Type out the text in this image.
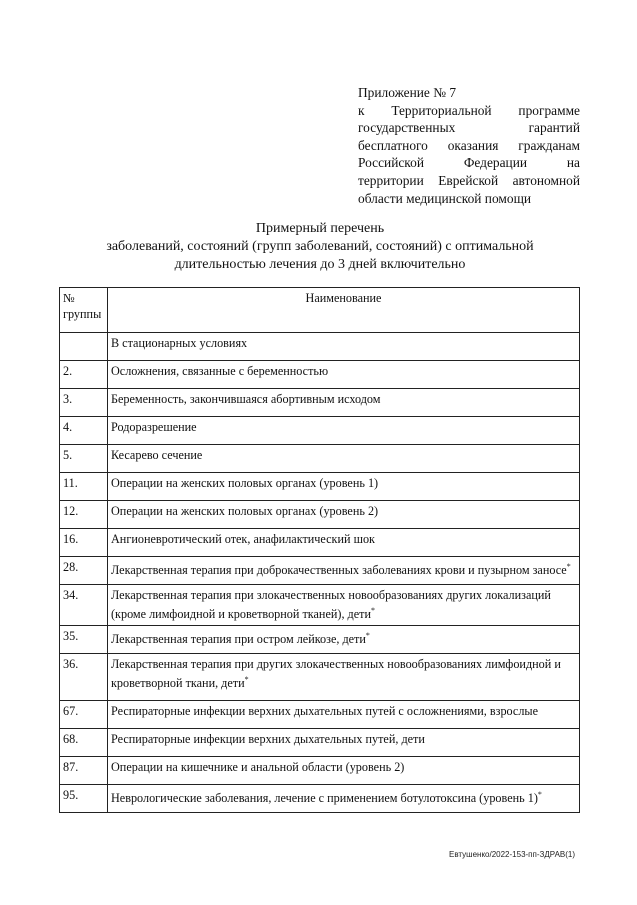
Приложение № 7
к Территориальной программе
государственных гарантий
бесплатного оказания гражданам
Российской Федерации на
территории Еврейской автономной
области медицинской помощи
Примерный перечень
заболеваний, состояний (групп заболеваний, состояний) с оптимальной
длительностью лечения до 3 дней включительно
№ группы	Наименование
	В стационарных условиях
2.	Осложнения, связанные с беременностью
3.	Беременность, закончившаяся абортивным исходом
4.	Родоразрешение
5.	Кесарево сечение
11.	Операции на женских половых органах (уровень 1)
12.	Операции на женских половых органах (уровень 2)
16.	Ангионевротический отек, анафилактический шок
28.	Лекарственная терапия при доброкачественных заболеваниях крови и пузырном заносе*
34.	Лекарственная терапия при злокачественных новообразованиях других локализаций (кроме лимфоидной и кроветворной тканей), дети*
35.	Лекарственная терапия при остром лейкозе, дети*
36.	Лекарственная терапия при других злокачественных новообразованиях лимфоидной и кроветворной ткани, дети*
67.	Респираторные инфекции верхних дыхательных путей с осложнениями, взрослые
68.	Респираторные инфекции верхних дыхательных путей, дети
87.	Операции на кишечнике и анальной области (уровень 2)
95.	Неврологические заболевания, лечение с применением ботулотоксина (уровень 1)*
Евтушенко/2022-153-пп-ЗДРАВ(1)
